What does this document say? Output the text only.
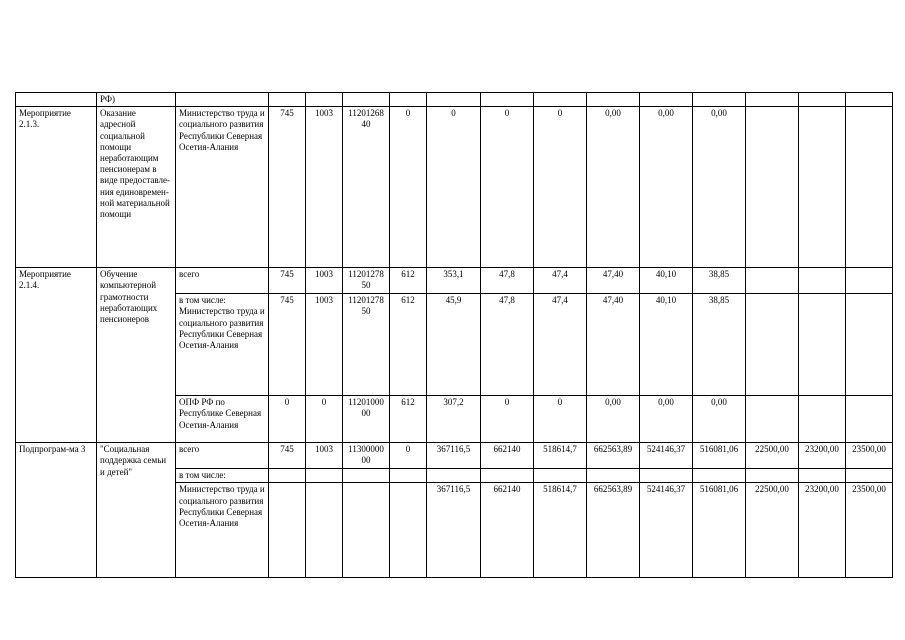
	РФ)														
Мероприятие 2.1.3.	Оказание адресной социальной помощи неработающим пенсионерам в виде предоставле-ния единовремен-ной материальной помощи	Министерство труда и социального развития Республики Северная Осетия-Алания	745	1003	1120126840	0	0	0	0	0,00	0,00	0,00			
Мероприятие 2.1.4.	Обучение компьютерной грамотности неработающих пенсионеров	всего	745	1003	1120127850	612	353,1	47,8	47,4	47,40	40,10	38,85			
		в том числе: Министерство труда и социального развития Республики Северная Осетия-Алания	745	1003	1120127850	612	45,9	47,8	47,4	47,40	40,10	38,85			
		ОПФ РФ по Республике Северная Осетия-Алания	0	0	1120100000	612	307,2	0	0	0,00	0,00	0,00			
Подпрограм-ма 3	"Социальная поддержка семьи и детей"	всего	745	1003	1130000000	0	367116,5	662140	518614,7	662563,89	524146,37	516081,06	22500,00	23200,00	23500,00
		в том числе:													
		Министерство труда и социального развития Республики Северная Осетия-Алания					367116,5	662140	518614,7	662563,89	524146,37	516081,06	22500,00	23200,00	23500,00
